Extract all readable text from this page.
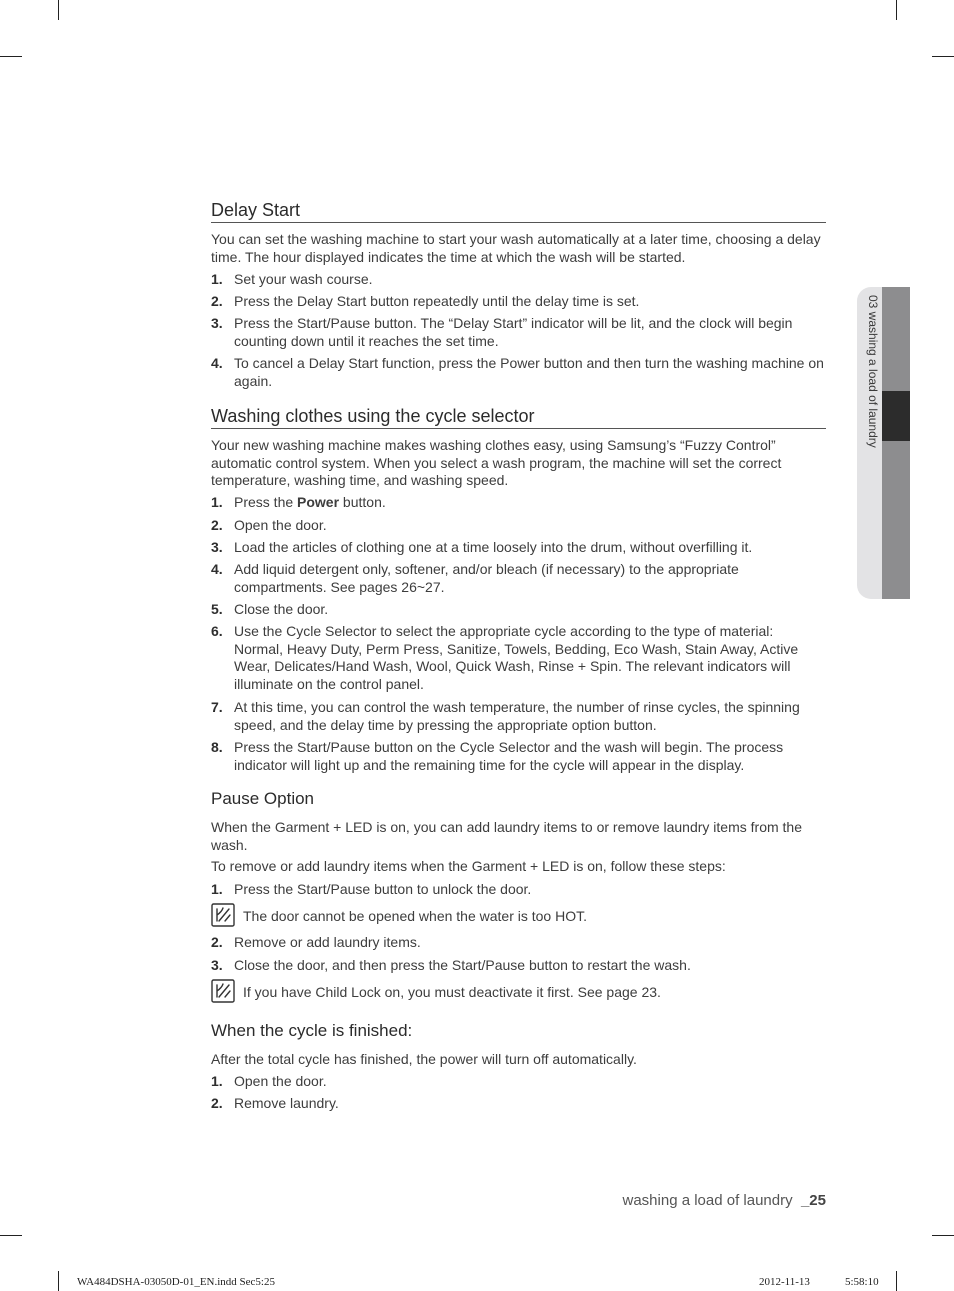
03 washing a load of laundry
Delay Start
You can set the washing machine to start your wash automatically at a later time, choosing a delay time. The hour displayed indicates the time at which the wash will be started.
1. Set your wash course.
2. Press the Delay Start button repeatedly until the delay time is set.
3. Press the Start/Pause button. The “Delay Start” indicator will be lit, and the clock will begin counting down until it reaches the set time.
4. To cancel a Delay Start function, press the Power button and then turn the washing machine on again.
Washing clothes using the cycle selector
Your new washing machine makes washing clothes easy, using Samsung’s “Fuzzy Control” automatic control system. When you select a wash program, the machine will set the correct temperature, washing time, and washing speed.
1. Press the Power button.
2. Open the door.
3. Load the articles of clothing one at a time loosely into the drum, without overfilling it.
4. Add liquid detergent only, softener, and/or bleach (if necessary) to the appropriate compartments. See pages 26~27.
5. Close the door.
6. Use the Cycle Selector to select the appropriate cycle according to the type of material: Normal, Heavy Duty, Perm Press, Sanitize, Towels, Bedding, Eco Wash, Stain Away, Active Wear, Delicates/Hand Wash, Wool, Quick Wash, Rinse + Spin. The relevant indicators will illuminate on the control panel.
7. At this time, you can control the wash temperature, the number of rinse cycles, the spinning speed, and the delay time by pressing the appropriate option button.
8. Press the Start/Pause button on the Cycle Selector and the wash will begin. The process indicator will light up and the remaining time for the cycle will appear in the display.
Pause Option
When the Garment + LED is on, you can add laundry items to or remove laundry items from the wash.
To remove or add laundry items when the Garment + LED is on, follow these steps:
1. Press the Start/Pause button to unlock the door.
The door cannot be opened when the water is too HOT.
2. Remove or add laundry items.
3. Close the door, and then press the Start/Pause button to restart the wash.
If you have Child Lock on, you must deactivate it first. See page 23.
When the cycle is finished:
After the total cycle has finished, the power will turn off automatically.
1. Open the door.
2. Remove laundry.
washing a load of laundry _25
WA484DSHA-03050D-01_EN.indd Sec5:25	2012-11-13	5:58:10
